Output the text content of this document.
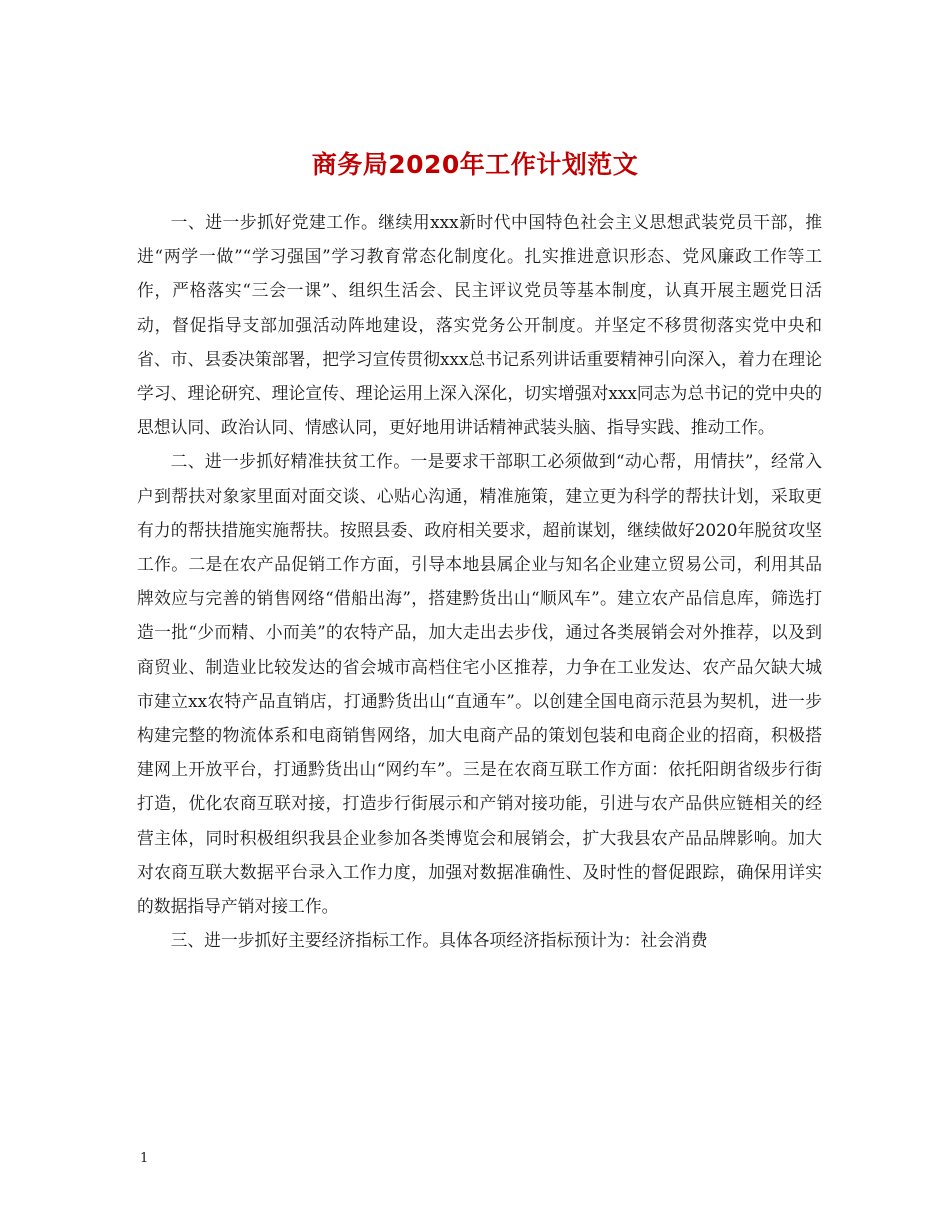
商务局2020年工作计划范文

一、进一步抓好党建工作。继续用xxx新时代中国特色社会主义思想武装党员干部，推进“两学一做”“学习强国”学习教育常态化制度化。扎实推进意识形态、党风廉政工作等工作，严格落实“三会一课”、组织生活会、民主评议党员等基本制度，认真开展主题党日活动，督促指导支部加强活动阵地建设，落实党务公开制度。并坚定不移贯彻落实党中央和省、市、县委决策部署，把学习宣传贯彻xxx总书记系列讲话重要精神引向深入，着力在理论学习、理论研究、理论宣传、理论运用上深入深化，切实增强对xxx同志为总书记的党中央的思想认同、政治认同、情感认同，更好地用讲话精神武装头脑、指导实践、推动工作。

二、进一步抓好精准扶贫工作。一是要求干部职工必须做到“动心帮，用情扶”，经常入户到帮扶对象家里面对面交谈、心贴心沟通，精准施策，建立更为科学的帮扶计划，采取更有力的帮扶措施实施帮扶。按照县委、政府相关要求，超前谋划，继续做好2020年脱贫攻坚工作。二是在农产品促销工作方面，引导本地县属企业与知名企业建立贸易公司，利用其品牌效应与完善的销售网络“借船出海”，搭建黔货出山“顺风车”。建立农产品信息库，筛选打造一批“少而精、小而美”的农特产品，加大走出去步伐，通过各类展销会对外推荐，以及到商贸业、制造业比较发达的省会城市高档住宅小区推荐，力争在工业发达、农产品欠缺大城市建立xx农特产品直销店，打通黔货出山“直通车”。以创建全国电商示范县为契机，进一步构建完整的物流体系和电商销售网络，加大电商产品的策划包装和电商企业的招商，积极搭建网上开放平台，打通黔货出山“网约车”。三是在农商互联工作方面：依托阳朗省级步行街打造，优化农商互联对接，打造步行街展示和产销对接功能，引进与农产品供应链相关的经营主体，同时积极组织我县企业参加各类博览会和展销会，扩大我县农产品品牌影响。加大对农商互联大数据平台录入工作力度，加强对数据准确性、及时性的督促跟踪，确保用详实的数据指导产销对接工作。

三、进一步抓好主要经济指标工作。具体各项经济指标预计为：社会消费

1
